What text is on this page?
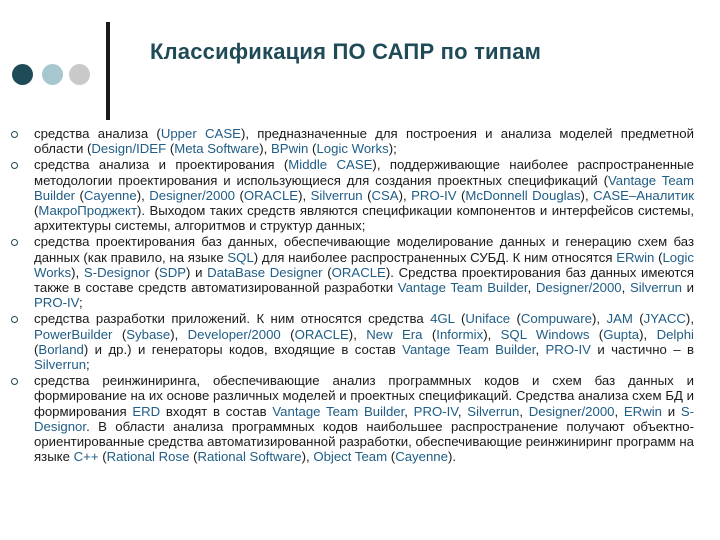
Классификация ПО САПР по типам
средства анализа (Upper CASE), предназначенные для построения и анализа моделей предметной области (Design/IDEF (Meta Software), BPwin (Logic Works);
средства анализа и проектирования (Middle CASE), поддерживающие наиболее распространенные методологии проектирования и использующиеся для создания проектных спецификаций (Vantage Team Builder (Cayenne), Designer/2000 (ORACLE), Silverrun (CSA), PRO-IV (McDonnell Douglas), CASE–Аналитик (МакроПроджект). Выходом таких средств являются спецификации компонентов и интерфейсов системы, архитектуры системы, алгоритмов и структур данных;
средства проектирования баз данных, обеспечивающие моделирование данных и генерацию схем баз данных (как правило, на языке SQL) для наиболее распространенных СУБД. К ним относятся ERwin (Logic Works), S-Designor (SDP) и DataBase Designer (ORACLE). Средства проектирования баз данных имеются также в составе средств автоматизированной разработки Vantage Team Builder, Designer/2000, Silverrun и PRO-IV;
средства разработки приложений. К ним относятся средства 4GL (Uniface (Compuware), JAM (JYACC), PowerBuilder (Sybase), Developer/2000 (ORACLE), New Era (Informix), SQL Windows (Gupta), Delphi (Borland) и др.) и генераторы кодов, входящие в состав Vantage Team Builder, PRO-IV и частично – в Silverrun;
средства реинжиниринга, обеспечивающие анализ программных кодов и схем баз данных и формирование на их основе различных моделей и проектных спецификаций. Средства анализа схем БД и формирования ERD входят в состав Vantage Team Builder, PRO-IV, Silverrun, Designer/2000, ERwin и S-Designor. В области анализа программных кодов наибольшее распространение получают объектно-ориентированные средства автоматизированной разработки, обеспечивающие реинжиниринг программ на языке C++ (Rational Rose (Rational Software), Object Team (Cayenne).
